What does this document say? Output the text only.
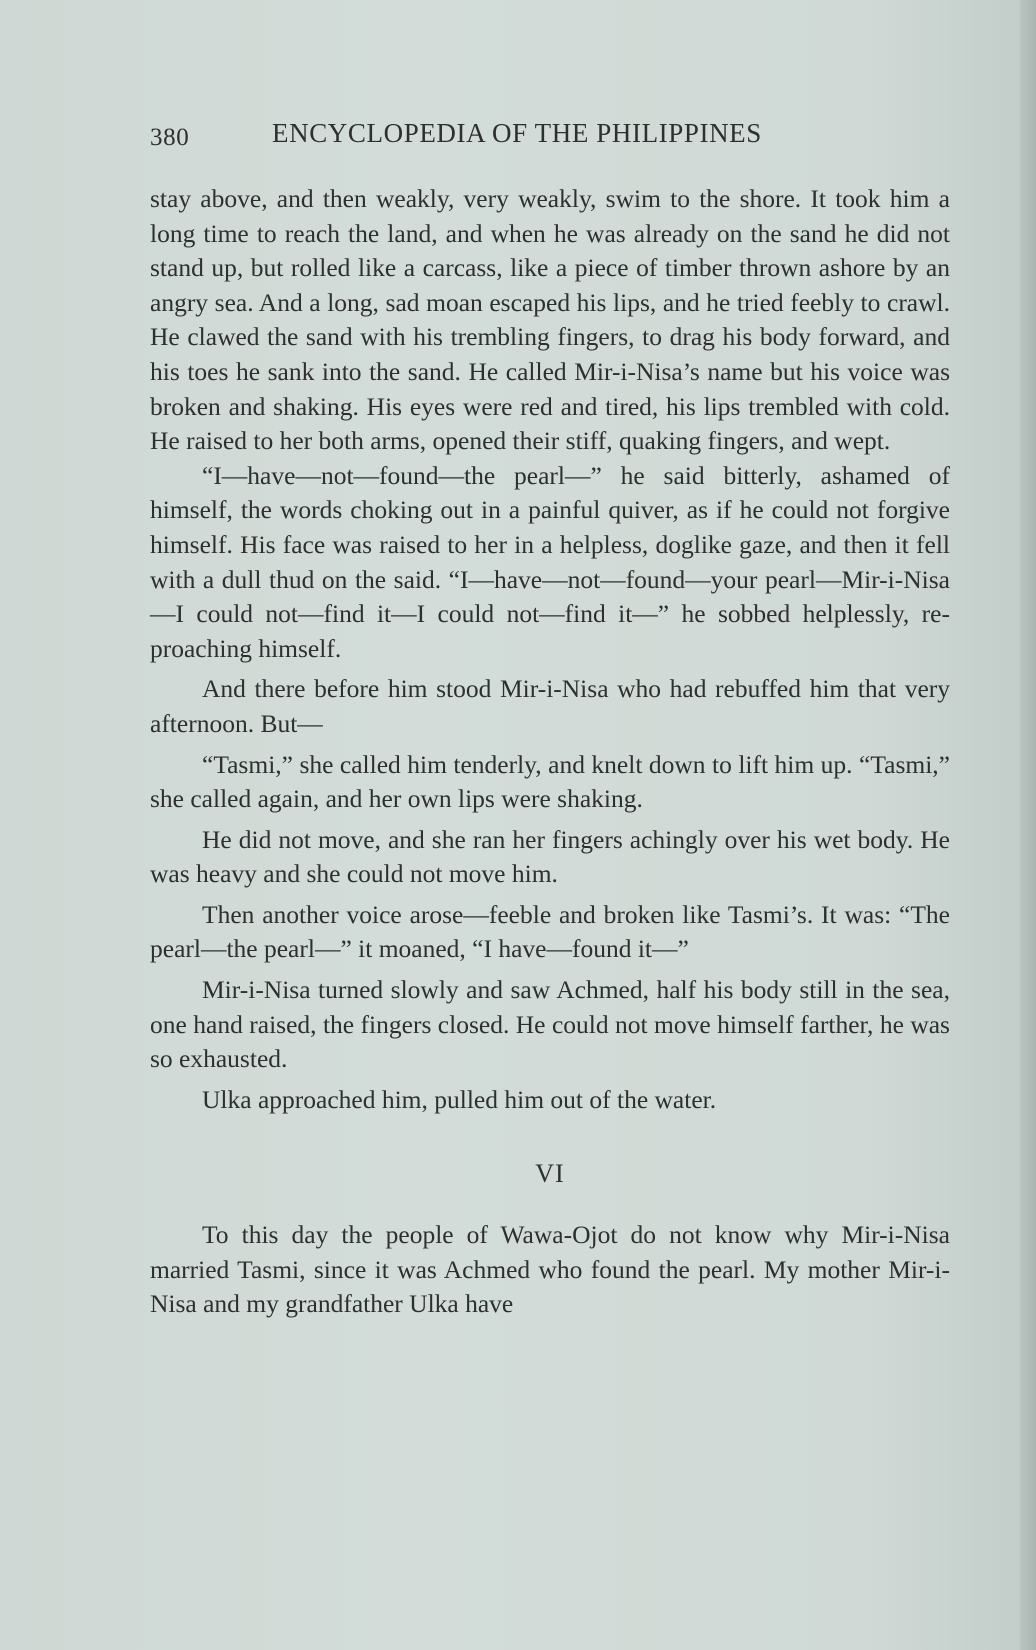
380	ENCYCLOPEDIA OF THE PHILIPPINES

stay above, and then weakly, very weakly, swim to the shore. It took him a long time to reach the land, and when he was already on the sand he did not stand up, but rolled like a carcass, like a piece of timber thrown ashore by an angry sea. And a long, sad moan escaped his lips, and he tried feebly to crawl. He clawed the sand with his trembling fingers, to drag his body forward, and his toes he sank into the sand. He called Mir-i-Nisa’s name but his voice was broken and shaking. His eyes were red and tired, his lips trembled with cold. He raised to her both arms, opened their stiff, quaking fingers, and wept.

“I—have—not—found—the pearl—” he said bitterly, ashamed of himself, the words choking out in a painful quiver, as if he could not forgive himself. His face was raised to her in a helpless, doglike gaze, and then it fell with a dull thud on the said. “I—have—not—found—your pearl—Mir-i-Nisa—I could not—find it—I could not—find it—” he sobbed helplessly, reproaching himself.

And there before him stood Mir-i-Nisa who had rebuffed him that very afternoon. But—

“Tasmi,” she called him tenderly, and knelt down to lift him up. “Tasmi,” she called again, and her own lips were shaking.

He did not move, and she ran her fingers achingly over his wet body. He was heavy and she could not move him.

Then another voice arose—feeble and broken like Tasmi’s. It was: “The pearl—the pearl—” it moaned, “I have—found it—”

Mir-i-Nisa turned slowly and saw Achmed, half his body still in the sea, one hand raised, the fingers closed. He could not move himself farther, he was so exhausted.

Ulka approached him, pulled him out of the water.

VI

To this day the people of Wawa-Ojot do not know why Mir-i-Nisa married Tasmi, since it was Achmed who found the pearl. My mother Mir-i-Nisa and my grandfather Ulka have
